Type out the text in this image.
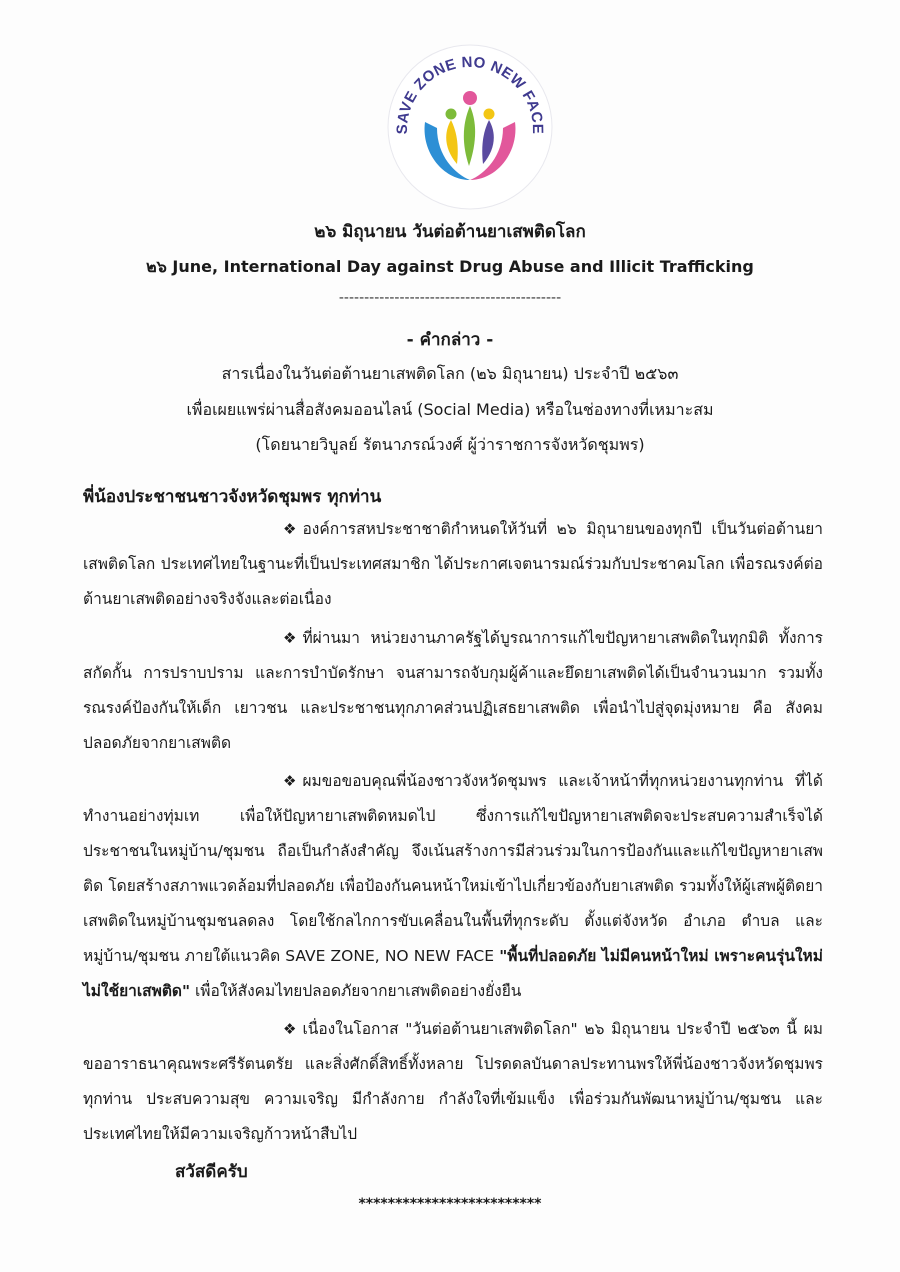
SAVE ZONE NO NEW FACE
๒๖ มิถุนายน วันต่อต้านยาเสพติดโลก
๒๖ June, International Day against Drug Abuse and Illicit Trafficking
--------------------------------------------
- คำกล่าว -
สารเนื่องในวันต่อต้านยาเสพติดโลก (๒๖ มิถุนายน) ประจำปี ๒๕๖๓
เพื่อเผยแพร่ผ่านสื่อสังคมออนไลน์ (Social Media) หรือในช่องทางที่เหมาะสม
(โดยนายวิบูลย์ รัตนาภรณ์วงศ์ ผู้ว่าราชการจังหวัดชุมพร)
พี่น้องประชาชนชาวจังหวัดชุมพร ทุกท่าน
❖ องค์การสหประชาชาติกำหนดให้วันที่ ๒๖ มิถุนายนของทุกปี เป็นวันต่อต้านยาเสพติดโลก ประเทศไทยในฐานะที่เป็นประเทศสมาชิก ได้ประกาศเจตนารมณ์ร่วมกับประชาคมโลก เพื่อรณรงค์ต่อต้านยาเสพติดอย่างจริงจังและต่อเนื่อง
❖ ที่ผ่านมา หน่วยงานภาครัฐได้บูรณาการแก้ไขปัญหายาเสพติดในทุกมิติ ทั้งการสกัดกั้น การปราบปราม และการบำบัดรักษา จนสามารถจับกุมผู้ค้าและยึดยาเสพติดได้เป็นจำนวนมาก รวมทั้งรณรงค์ป้องกันให้เด็ก เยาวชน และประชาชนทุกภาคส่วนปฏิเสธยาเสพติด เพื่อนำไปสู่จุดมุ่งหมาย คือ สังคมปลอดภัยจากยาเสพติด
❖ ผมขอขอบคุณพี่น้องชาวจังหวัดชุมพร และเจ้าหน้าที่ทุกหน่วยงานทุกท่าน ที่ได้ทำงานอย่างทุ่มเท เพื่อให้ปัญหายาเสพติดหมดไป ซึ่งการแก้ไขปัญหายาเสพติดจะประสบความสำเร็จได้ ประชาชนในหมู่บ้าน/ชุมชน ถือเป็นกำลังสำคัญ จึงเน้นสร้างการมีส่วนร่วมในการป้องกันและแก้ไขปัญหายาเสพติด โดยสร้างสภาพแวดล้อมที่ปลอดภัย เพื่อป้องกันคนหน้าใหม่เข้าไปเกี่ยวข้องกับยาเสพติด รวมทั้งให้ผู้เสพผู้ติดยาเสพติดในหมู่บ้านชุมชนลดลง โดยใช้กลไกการขับเคลื่อนในพื้นที่ทุกระดับ ตั้งแต่จังหวัด อำเภอ ตำบล และหมู่บ้าน/ชุมชน ภายใต้แนวคิด SAVE ZONE, NO NEW FACE "พื้นที่ปลอดภัย ไม่มีคนหน้าใหม่ เพราะคนรุ่นใหม่ ไม่ใช้ยาเสพติด" เพื่อให้สังคมไทยปลอดภัยจากยาเสพติดอย่างยั่งยืน
❖ เนื่องในโอกาส "วันต่อต้านยาเสพติดโลก" ๒๖ มิถุนายน ประจำปี ๒๕๖๓ นี้ ผมขออาราธนาคุณพระศรีรัตนตรัย และสิ่งศักดิ์สิทธิ์ทั้งหลาย โปรดดลบันดาลประทานพรให้พี่น้องชาวจังหวัดชุมพร ทุกท่าน ประสบความสุข ความเจริญ มีกำลังกาย กำลังใจที่เข้มแข็ง เพื่อร่วมกันพัฒนาหมู่บ้าน/ชุมชน และประเทศไทยให้มีความเจริญก้าวหน้าสืบไป
สวัสดีครับ
*************************
